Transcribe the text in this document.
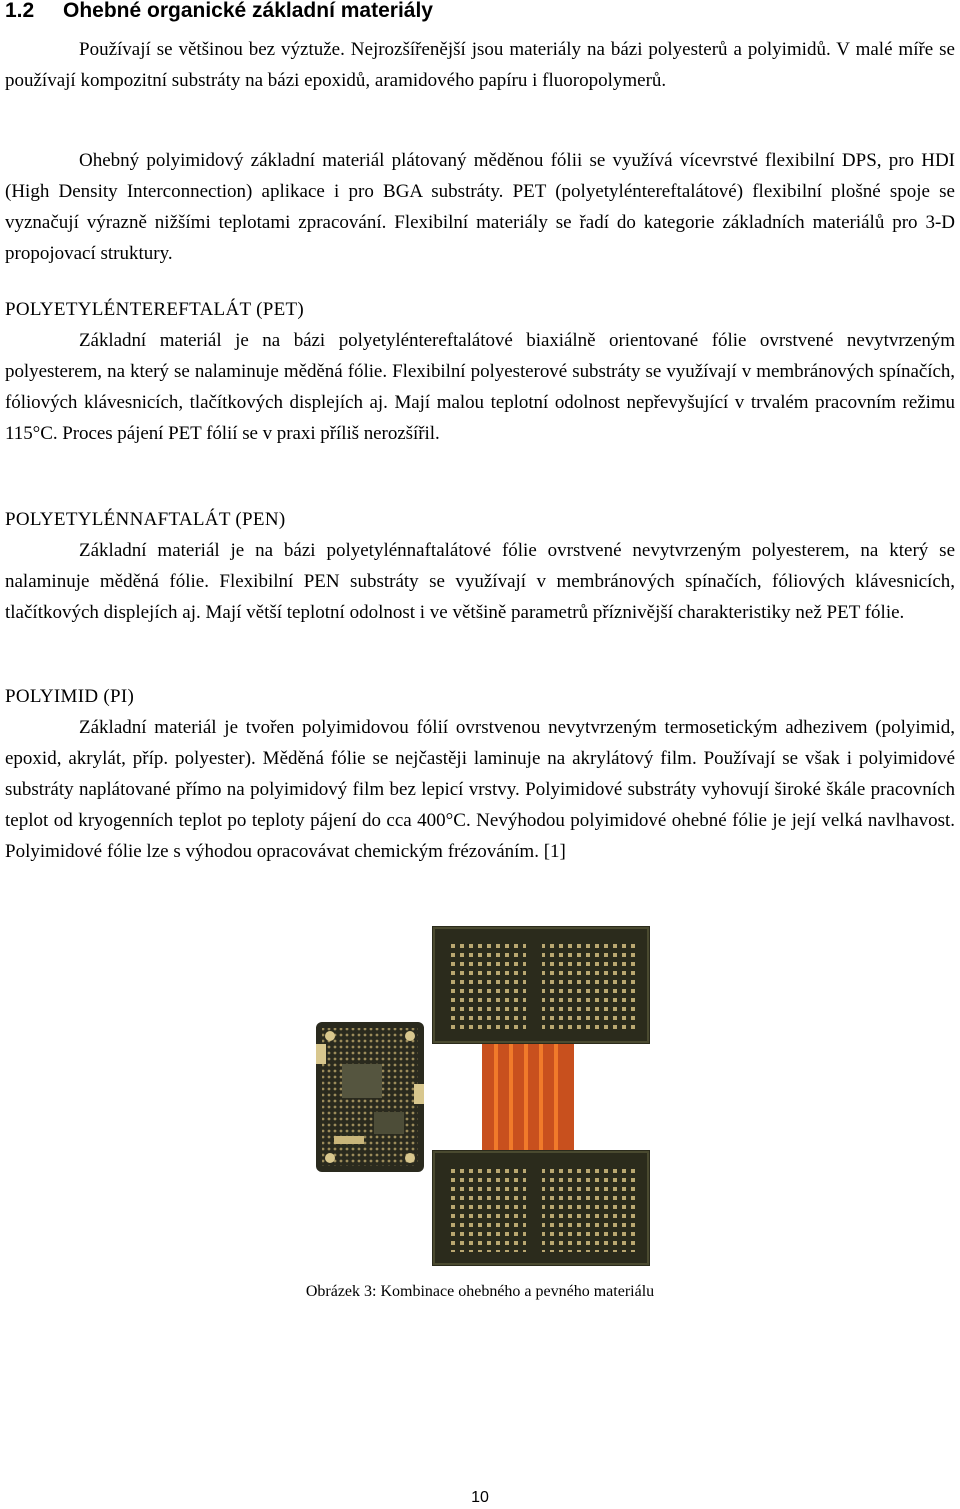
1.2 Ohebné organické základní materiály

Používají se většinou bez výztuže. Nejrozšířenější jsou materiály na bázi polyesterů a polyimidů. V malé míře se používají kompozitní substráty na bázi epoxidů, aramidového papíru i fluoropolymerů.

Ohebný polyimidový základní materiál plátovaný měděnou fólii se využívá vícevrstvé flexibilní DPS, pro HDI (High Density Interconnection) aplikace i pro BGA substráty. PET (polyetyléntereftalátové) flexibilní plošné spoje se vyznačují výrazně nižšími teplotami zpracování. Flexibilní materiály se řadí do kategorie základních materiálů pro 3-D propojovací struktury.

POLYETYLÉNTEREFTALÁT (PET)

Základní materiál je na bázi polyetyléntereftalátové biaxiálně orientované fólie ovrstvené nevytvrzeným polyesterem, na který se nalaminuje měděná fólie. Flexibilní polyesterové substráty se využívají v membránových spínačích, fóliových klávesnicích, tlačítkových displejích aj. Mají malou teplotní odolnost nepřevyšující v trvalém pracovním režimu 115°C. Proces pájení PET fólií se v praxi příliš nerozšířil.

POLYETYLÉNNAFTALÁT (PEN)

Základní materiál je na bázi polyetylénnaftalátové fólie ovrstvené nevytvrzeným polyesterem, na který se nalaminuje měděná fólie. Flexibilní PEN substráty se využívají v membránových spínačích, fóliových klávesnicích, tlačítkových displejích aj. Mají větší teplotní odolnost i ve většině parametrů příznivější charakteristiky než PET fólie.

POLYIMID (PI)

Základní materiál je tvořen polyimidovou fólií ovrstvenou nevytvrzeným termosetickým adhezivem (polyimid, epoxid, akrylát, příp. polyester). Měděná fólie se nejčastěji laminuje na akrylátový film. Používají se však i polyimidové substráty naplátované přímo na polyimidový film bez lepicí vrstvy. Polyimidové substráty vyhovují široké škále pracovních teplot od kryogenních teplot po teploty pájení do cca 400°C. Nevýhodou polyimidové ohebné fólie je její velká navlhavost. Polyimidové fólie lze s výhodou opracovávat chemickým frézováním. [1]

Obrázek 3: Kombinace ohebného a pevného materiálu

10
